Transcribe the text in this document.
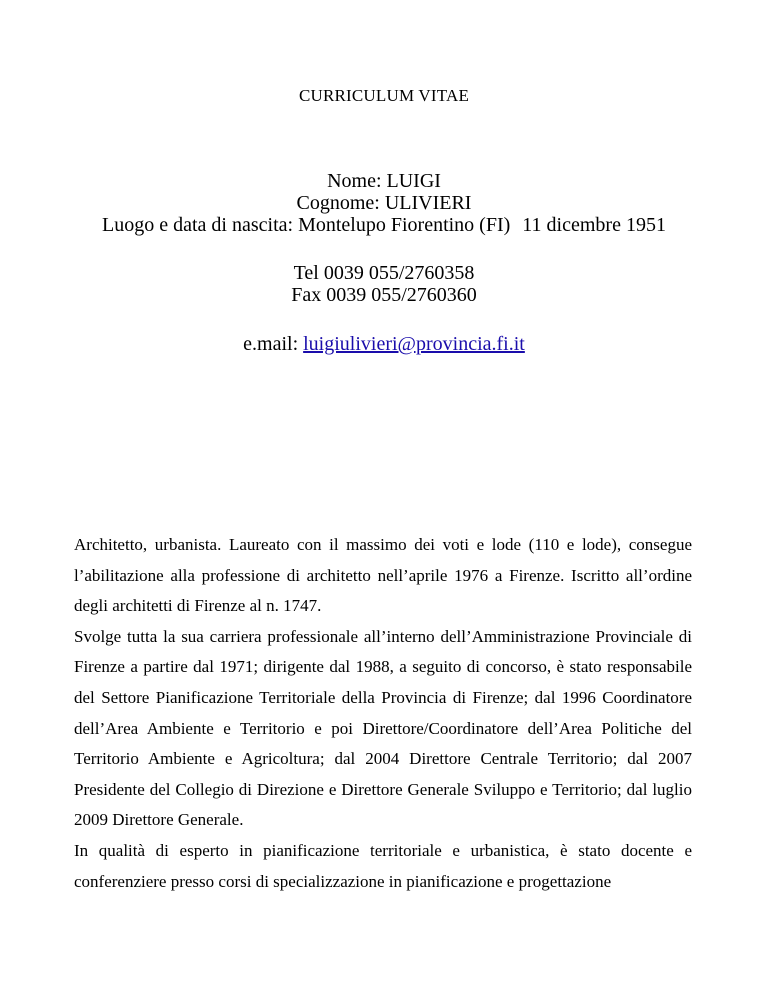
CURRICULUM VITAE
Nome: LUIGI
Cognome: ULIVIERI
Luogo e data di nascita: Montelupo Fiorentino (FI) 11 dicembre 1951
Tel 0039 055/2760358
Fax 0039 055/2760360
e.mail: luigiulivieri@provincia.fi.it

Architetto, urbanista. Laureato con il massimo dei voti e lode (110 e lode), consegue l’abilitazione alla professione di architetto nell’aprile 1976 a Firenze. Iscritto all’ordine degli architetti di Firenze al n. 1747.

Svolge tutta la sua carriera professionale all’interno dell’Amministrazione Provinciale di Firenze a partire dal 1971; dirigente dal 1988, a seguito di concorso, è stato responsabile del Settore Pianificazione Territoriale della Provincia di Firenze; dal 1996 Coordinatore dell’Area Ambiente e Territorio e poi Direttore/Coordinatore dell’Area Politiche del Territorio Ambiente e Agricoltura; dal 2004 Direttore Centrale Territorio; dal 2007 Presidente del Collegio di Direzione e Direttore Generale Sviluppo e Territorio; dal luglio 2009 Direttore Generale.

In qualità di esperto in pianificazione territoriale e urbanistica, è stato docente e conferenziere presso corsi di specializzazione in pianificazione e progettazione
